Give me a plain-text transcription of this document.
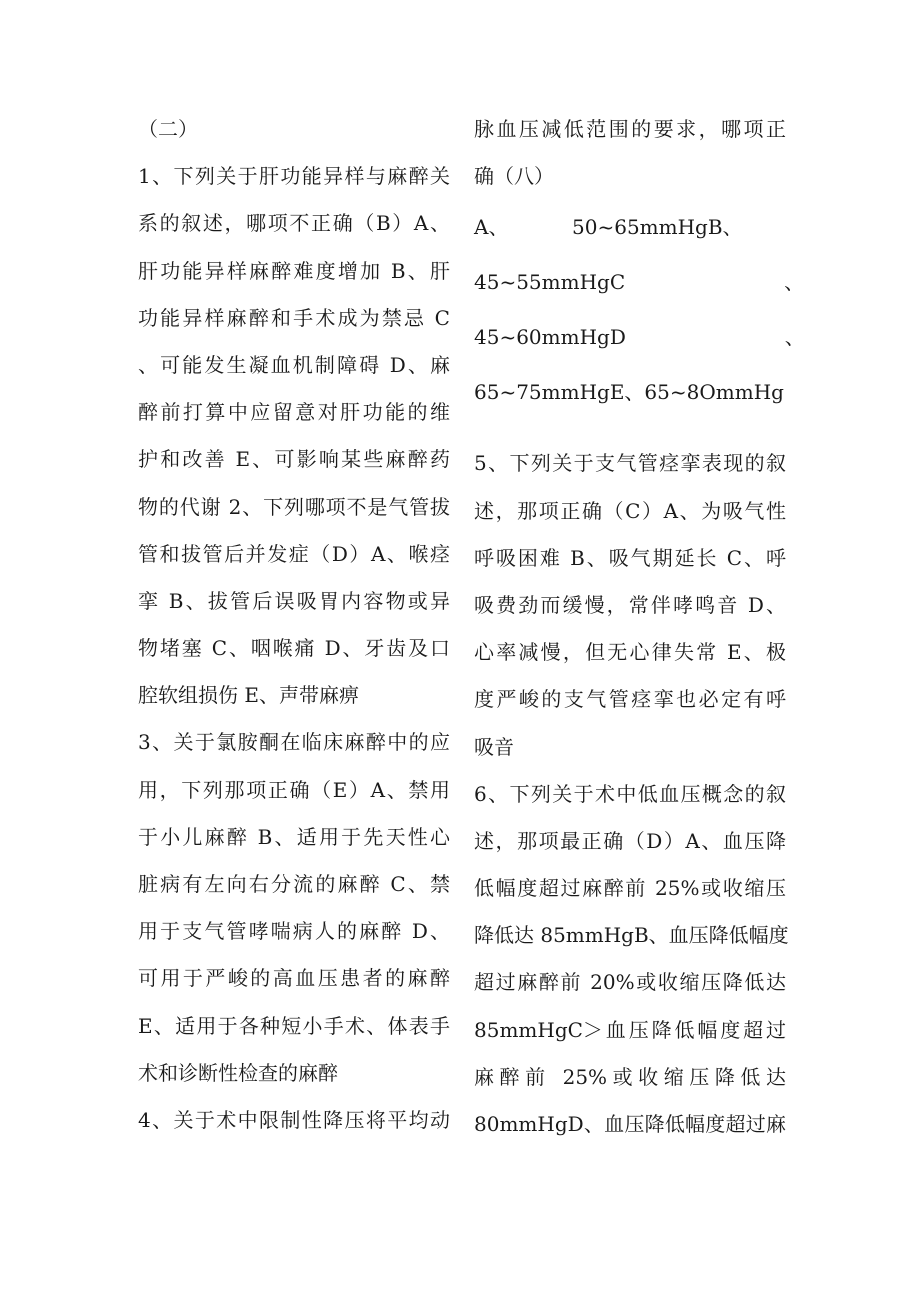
（二）
1、下列关于肝功能异样与麻醉关
系的叙述，哪项不正确（B）A、
肝功能异样麻醉难度增加 B、肝
功能异样麻醉和手术成为禁忌 C
、可能发生凝血机制障碍 D、麻
醉前打算中应留意对肝功能的维
护和改善 E、可影响某些麻醉药
物的代谢 2、下列哪项不是气管拔
管和拔管后并发症（D）A、喉痉
挛 B、拔管后误吸胃内容物或异
物堵塞 C、咽喉痛 D、牙齿及口
腔软组损伤 E、声带麻痹
3、关于氯胺酮在临床麻醉中的应
用，下列那项正确（E）A、禁用
于小儿麻醉 B、适用于先天性心
脏病有左向右分流的麻醉 C、禁
用于支气管哮喘病人的麻醉 D、
可用于严峻的高血压患者的麻醉
E、适用于各种短小手术、体表手
术和诊断性检查的麻醉
4、关于术中限制性降压将平均动
脉血压减低范围的要求，哪项正
确（八）
A、          50~65mmHgB、
45~55mmHgC                         、
45~60mmHgD                         、
65~75mmHgE、65~8OmmHg
5、下列关于支气管痉挛表现的叙
述，那项正确（C）A、为吸气性
呼吸困难 B、吸气期延长 C、呼
吸费劲而缓慢，常伴哮鸣音 D、
心率减慢，但无心律失常 E、极
度严峻的支气管痉挛也必定有呼
吸音
6、下列关于术中低血压概念的叙
述，那项最正确（D）A、血压降
低幅度超过麻醉前 25%或收缩压
降低达 85mmHgB、血压降低幅度
超过麻醉前 20%或收缩压降低达
85mmHgC＞血压降低幅度超过
麻醉前 25%或收缩压降低达
80mmHgD、血压降低幅度超过麻
